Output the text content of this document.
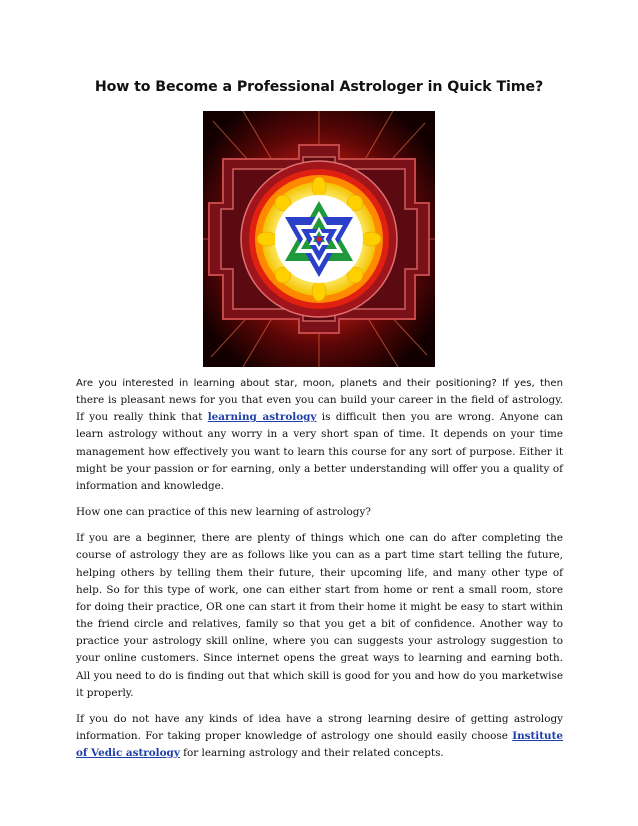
How to Become a Professional Astrologer in Quick Time?

Are you interested in learning about star, moon, planets and their positioning? If yes, then there is pleasant news for you that even you can build your career in the field of astrology. If you really think that learning astrology is difficult then you are wrong. Anyone can learn astrology without any worry in a very short span of time. It depends on your time management how effectively you want to learn this course for any sort of purpose. Either it might be your passion or for earning, only a better understanding will offer you a quality of information and knowledge.

How one can practice of this new learning of astrology?

If you are a beginner, there are plenty of things which one can do after completing the course of astrology they are as follows like you can as a part time start telling the future, helping others by telling them their future, their upcoming life, and many other type of help. So for this type of work, one can either start from home or rent a small room, store for doing their practice, OR one can start it from their home it might be easy to start within the friend circle and relatives, family so that you get a bit of confidence. Another way to practice your astrology skill online, where you can suggests your astrology suggestion to your online customers. Since internet opens the great ways to learning and earning both. All you need to do is finding out that which skill is good for you and how do you marketwise it properly.

If you do not have any kinds of idea have a strong learning desire of getting astrology information. For taking proper knowledge of astrology one should easily choose Institute of Vedic astrology for learning astrology and their related concepts.
